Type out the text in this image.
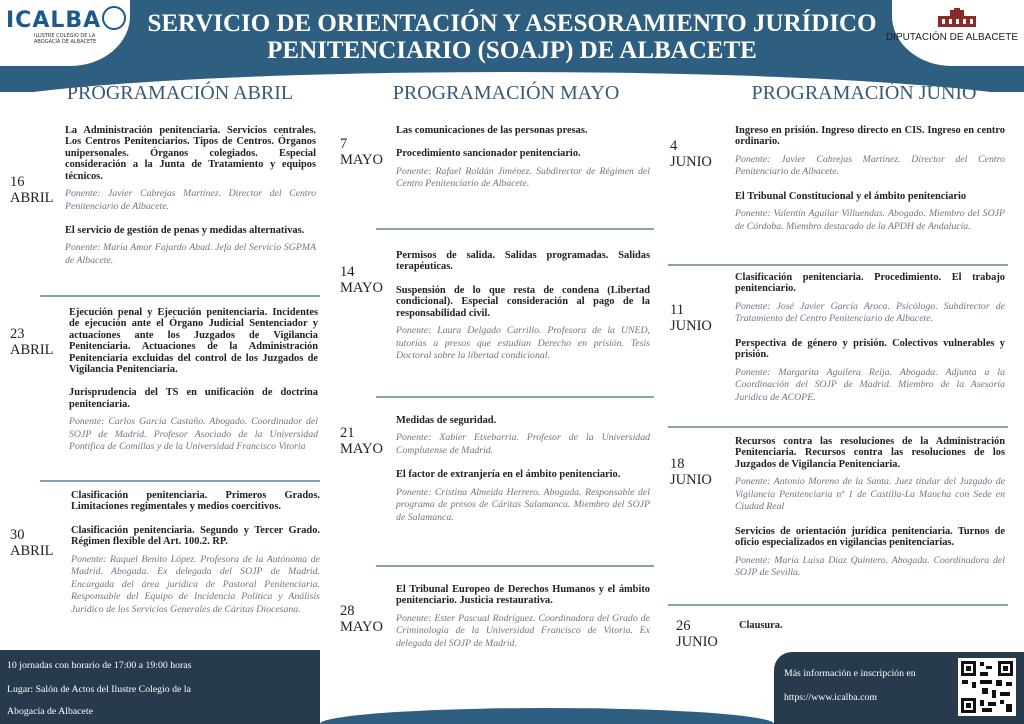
ICALBA
ILUSTRE COLEGIO DE LA ABOGACÍA DE ALBACETE	DIPUTACIÓN DE ALBACETE
SERVICIO DE ORIENTACIÓN Y ASESORAMIENTO JURÍDICO PENITENCIARIO (SOAJP) DE ALBACETE
PROGRAMACIÓN ABRIL	PROGRAMACIÓN MAYO	PROGRAMACIÓN JUNIO
16
ABRIL

La Administración penitenciaria. Servicios centrales. Los Centros Penitenciarios. Tipos de Centros. Órganos unipersonales. Órganos colegiados. Especial consideración a la Junta de Tratamiento y equipos técnicos.

Ponente: Javier Cabrejas Martínez. Director del Centro Penitenciario de Albacete.

El servicio de gestión de penas y medidas alternativas.

Ponente: María Amor Fajardo Abad. Jefa del Servicio SGPMA de Albacete.

23
ABRIL

Ejecución penal y Ejecución penitenciaria. Incidentes de ejecución ante el Órgano Judicial Sentenciador y actuaciones ante los Juzgados de Vigilancia Penitenciaria. Actuaciones de la Administración Penitenciaria excluidas del control de los Juzgados de Vigilancia Penitenciaria.

Jurisprudencia del TS en unificación de doctrina penitenciaria.

Ponente: Carlos García Castaño. Abogado. Coordinador del SOJP de Madrid. Profesor Asociado de la Universidad Pontifica de Comillas y de la Universidad Francisco Vitoria

30
ABRIL

Clasificación penitenciaria. Primeros Grados. Limitaciones regimentales y medios coercitivos.

Clasificación penitenciaria. Segundo y Tercer Grado. Régimen flexible del Art. 100.2. RP.

Ponente: Raquel Benito López. Profesora de la Autónoma de Madrid. Abogada. Ex delegada del SOJP de Madrid. Encargada del área jurídica de Pastoral Penitenciaria. Responsable del Equipo de Incidencia Política y Análisis Jurídico de los Servicios Generales de Cáritas Diocesana.

7
MAYO

Las comunicaciones de las personas presas.

Procedimiento sancionador penitenciario.

Ponente: Rafael Roldán Jiménez. Subdirector de Régimen del Centro Penitenciario de Albacete.

14
MAYO

Permisos de salida. Salidas programadas. Salidas terapéuticas.

Suspensión de lo que resta de condena (Libertad condicional). Especial consideración al pago de la responsabilidad civil.

Ponente: Laura Delgado Carrillo. Profesora de la UNED, tutorías a presos que estudian Derecho en prisión. Tesis Doctoral sobre la libertad condicional.

21
MAYO

Medidas de seguridad.

Ponente: Xabier Etxebarria. Profesor de la Universidad Complutense de Madrid.

El factor de extranjería en el ámbito penitenciario.

Ponente: Cristina Almeida Herrero. Abogada. Responsable del programa de presos de Cáritas Salamanca. Miembro del SOJP de Salamanca.

28
MAYO

El Tribunal Europeo de Derechos Humanos y el ámbito penitenciario. Justicia restaurativa.

Ponente: Ester Pascual Rodríguez. Coordinadora del Grado de Criminología de la Universidad Francisco de Vitoria. Ex delegada del SOJP de Madrid.

4
JUNIO

Ingreso en prisión. Ingreso directo en CIS. Ingreso en centro ordinario.

Ponente: Javier Cabrejas Martínez. Director del Centro Penitenciario de Albacete.

El Tribunal Constitucional y el ámbito penitenciario

Ponente: Valentín Aguilar Villuendas. Abogado. Miembro del SOJP de Córdoba. Miembro destacado de la APDH de Andalucía.

11
JUNIO

Clasificación penitenciaria. Procedimiento. El trabajo penitenciario.

Ponente: José Javier García Aroca. Psicólogo. Subdirector de Tratamiento del Centro Penitenciario de Albacete.

Perspectiva de género y prisión. Colectivos vulnerables y prisión.

Ponente: Margarita Aguilera Reija. Abogada. Adjunta a la Coordinación del SOJP de Madrid. Miembro de la Asesoría Jurídica de ACOPE.

18
JUNIO

Recursos contra las resoluciones de la Administración Penitenciaria. Recursos contra las resoluciones de los Juzgados de Vigilancia Penitenciaria.

Ponente: Antonio Moreno de la Santa. Juez titular del Juzgado de Vigilancia Penitenciaria nº 1 de Castilla-La Mancha con Sede en Ciudad Real

Servicios de orientación jurídica penitenciaria. Turnos de oficio especializados en vigilancias penitenciarias.

Ponente: María Luisa Díaz Quintero. Abogada. Coordinadora del SOJP de Sevilla.

26
JUNIO

Clausura.

10 jornadas con horario de 17:00 a 19:00 horas
Lugar: Salón de Actos del Ilustre Colegio de la
Abogacía de Albacete
Más información e inscripción en
https://www.icalba.com
